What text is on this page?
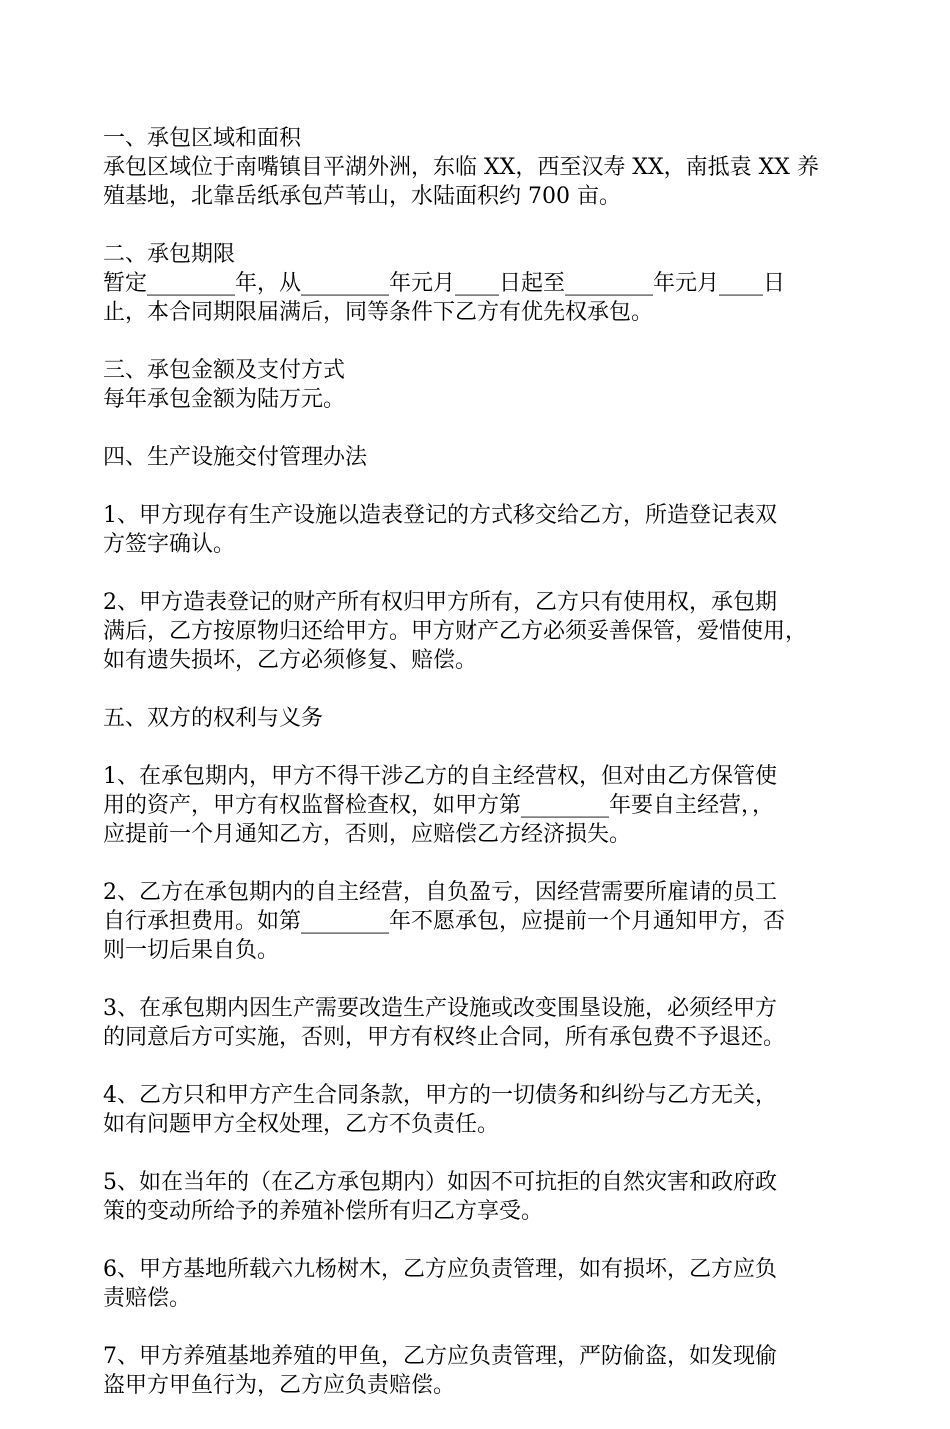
一、承包区域和面积
承包区域位于南嘴镇目平湖外洲，东临 XX，西至汉寿 XX，南抵袁 XX 养
殖基地，北靠岳纸承包芦苇山，水陆面积约 700 亩。
二、承包期限
暂定________年，从________年元月____日起至________年元月____日
止，本合同期限届满后，同等条件下乙方有优先权承包。
三、承包金额及支付方式
每年承包金额为陆万元。
四、生产设施交付管理办法
1、甲方现存有生产设施以造表登记的方式移交给乙方，所造登记表双
方签字确认。
2、甲方造表登记的财产所有权归甲方所有，乙方只有使用权，承包期
满后，乙方按原物归还给甲方。甲方财产乙方必须妥善保管，爱惜使用，
如有遗失损坏，乙方必须修复、赔偿。
五、双方的权利与义务
1、在承包期内，甲方不得干涉乙方的自主经营权，但对由乙方保管使
用的资产，甲方有权监督检查权，如甲方第________年要自主经营，，
应提前一个月通知乙方，否则，应赔偿乙方经济损失。
2、乙方在承包期内的自主经营，自负盈亏，因经营需要所雇请的员工
自行承担费用。如第________年不愿承包，应提前一个月通知甲方，否
则一切后果自负。
3、在承包期内因生产需要改造生产设施或改变围垦设施，必须经甲方
的同意后方可实施，否则，甲方有权终止合同，所有承包费不予退还。
4、乙方只和甲方产生合同条款，甲方的一切债务和纠纷与乙方无关，
如有问题甲方全权处理，乙方不负责任。
5、如在当年的（在乙方承包期内）如因不可抗拒的自然灾害和政府政
策的变动所给予的养殖补偿所有归乙方享受。
6、甲方基地所载六九杨树木，乙方应负责管理，如有损坏，乙方应负
责赔偿。
7、甲方养殖基地养殖的甲鱼，乙方应负责管理，严防偷盗，如发现偷
盗甲方甲鱼行为，乙方应负责赔偿。
